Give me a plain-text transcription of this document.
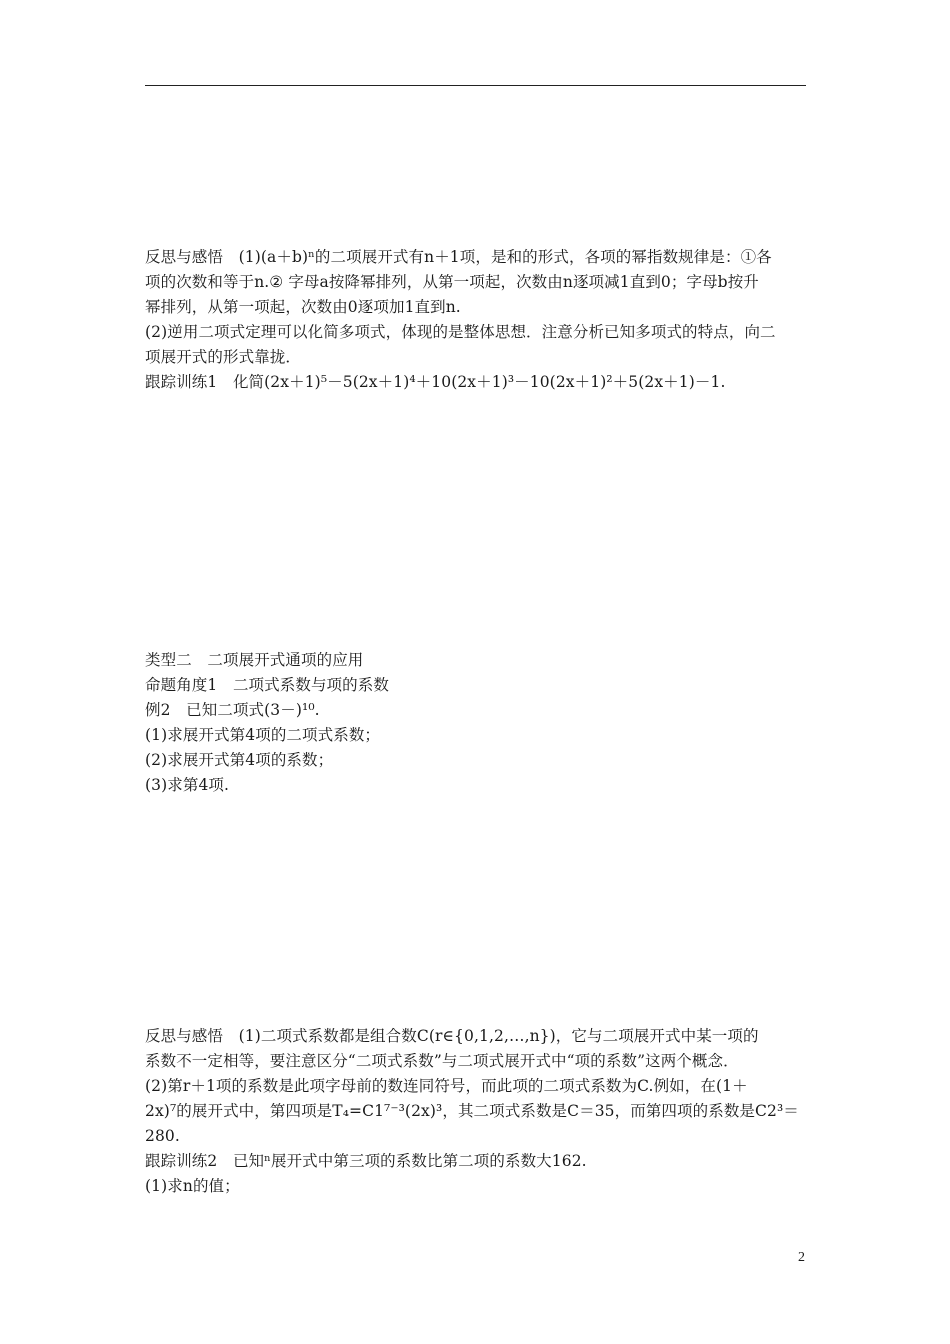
反思与感悟　(1)(a＋b)ⁿ的二项展开式有n＋1项，是和的形式，各项的幂指数规律是：①各
项的次数和等于n.② 字母a按降幂排列，从第一项起，次数由n逐项减1直到0；字母b按升
幂排列，从第一项起，次数由0逐项加1直到n.
(2)逆用二项式定理可以化简多项式，体现的是整体思想．注意分析已知多项式的特点，向二
项展开式的形式靠拢．
跟踪训练1　化简(2x＋1)⁵－5(2x＋1)⁴＋10(2x＋1)³－10(2x＋1)²＋5(2x＋1)－1.
类型二　二项展开式通项的应用
命题角度1　二项式系数与项的系数
例2　已知二项式(3－)¹⁰.
(1)求展开式第4项的二项式系数；
(2)求展开式第4项的系数；
(3)求第4项.
反思与感悟　(1)二项式系数都是组合数C(r∈{0,1,2,…,n})，它与二项展开式中某一项的
系数不一定相等，要注意区分“二项式系数”与二项式展开式中“项的系数”这两个概念．
(2)第r＋1项的系数是此项字母前的数连同符号，而此项的二项式系数为C.例如，在(1＋
2x)⁷的展开式中，第四项是T₄=C1⁷⁻³(2x)³，其二项式系数是C＝35，而第四项的系数是C2³＝
280.
跟踪训练2　已知ⁿ展开式中第三项的系数比第二项的系数大162.
(1)求n的值；
2
